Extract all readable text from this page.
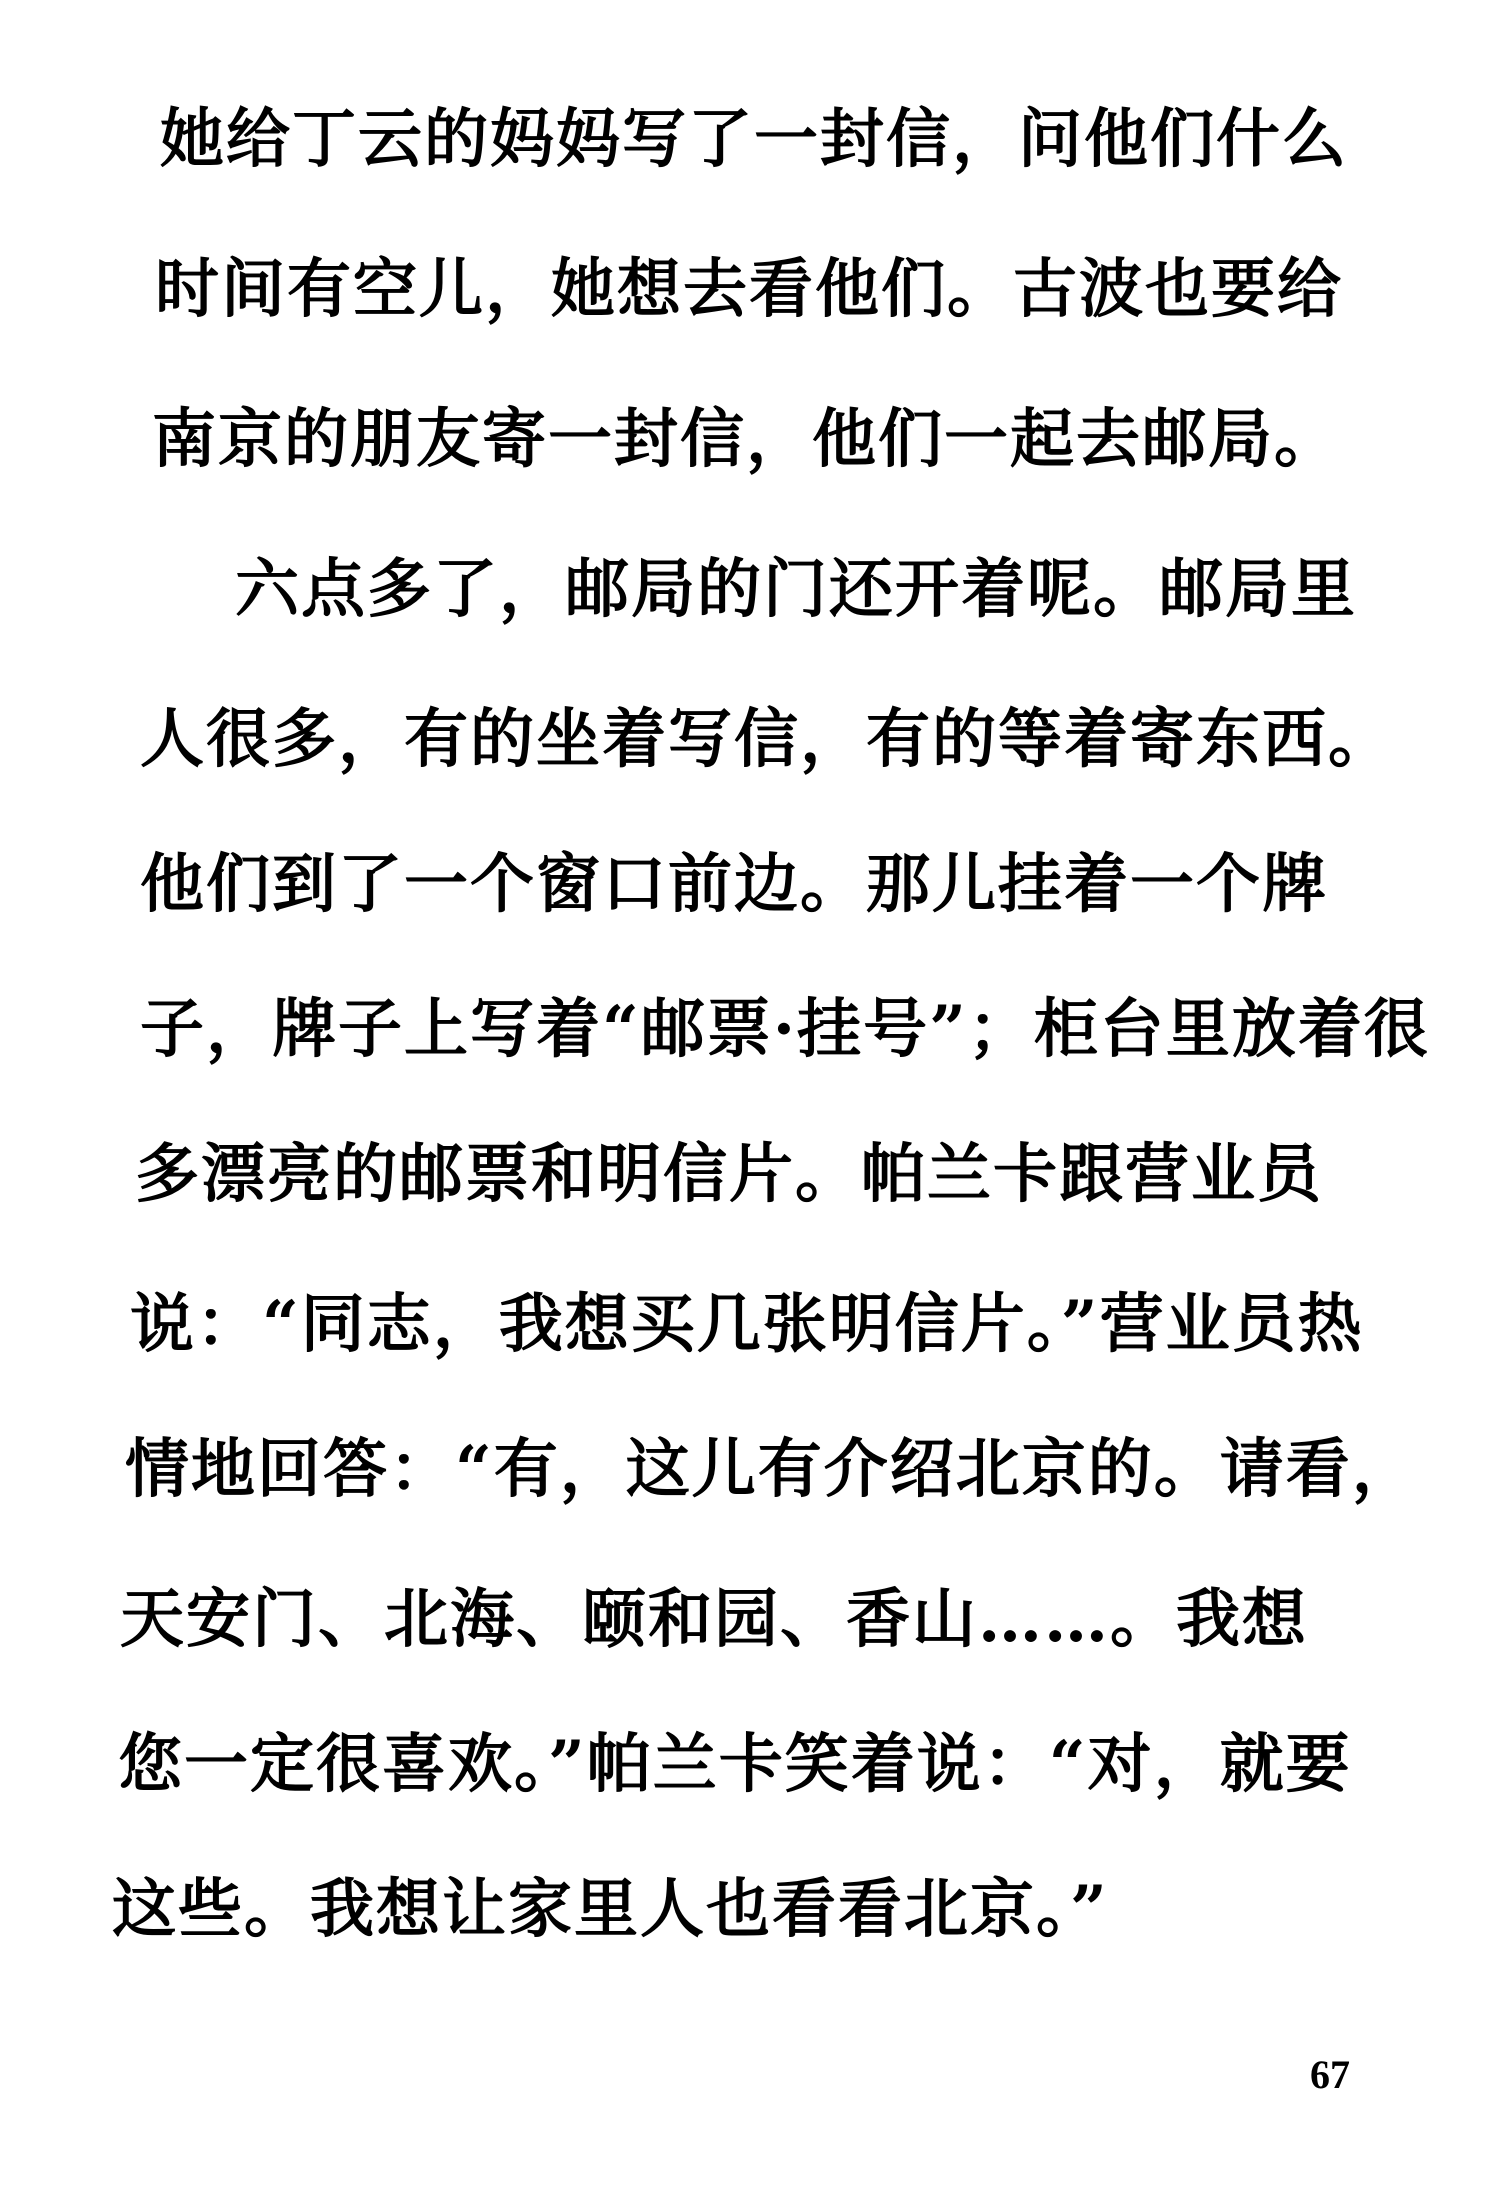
她给丁云的妈妈写了一封信，问他们什么
时间有空儿，她想去看他们。古波也要给
南京的朋友寄一封信，他们一起去邮局。
六点多了，邮局的门还开着呢。邮局里
人很多，有的坐着写信，有的等着寄东西。
他们到了一个窗口前边。那儿挂着一个牌
子，牌子上写着“邮票·挂号”；柜台里放着很
多漂亮的邮票和明信片。帕兰卡跟营业员
说：“同志，我想买几张明信片。”营业员热
情地回答：“有，这儿有介绍北京的。请看，
天安门、北海、颐和园、香山……。我想
您一定很喜欢。”帕兰卡笑着说：“对，就要
这些。我想让家里人也看看北京。”
67
